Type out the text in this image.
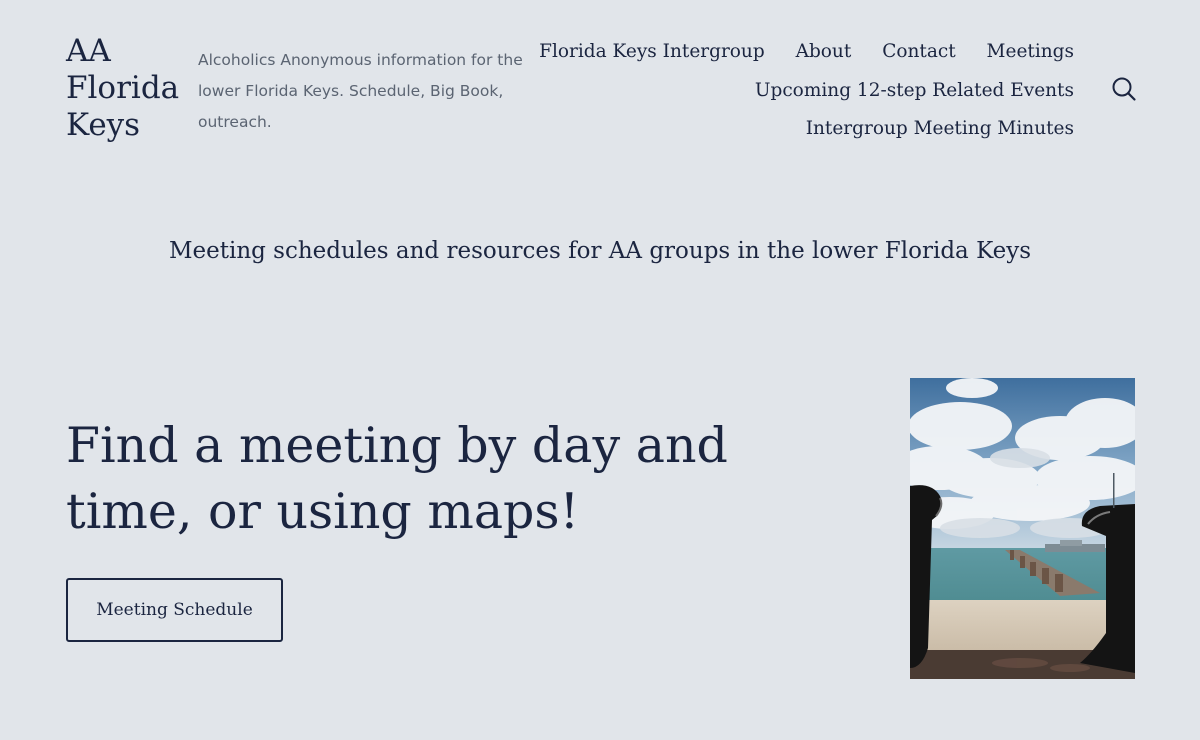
AA
Florida
Keys
Alcoholics Anonymous information for the lower Florida Keys. Schedule, Big Book, outreach.
Florida Keys Intergroup About Contact Meetings
Upcoming 12-step Related Events
Intergroup Meeting Minutes
Meeting schedules and resources for AA groups in the lower Florida Keys
Find a meeting by day and time, or using maps!
Meeting Schedule
